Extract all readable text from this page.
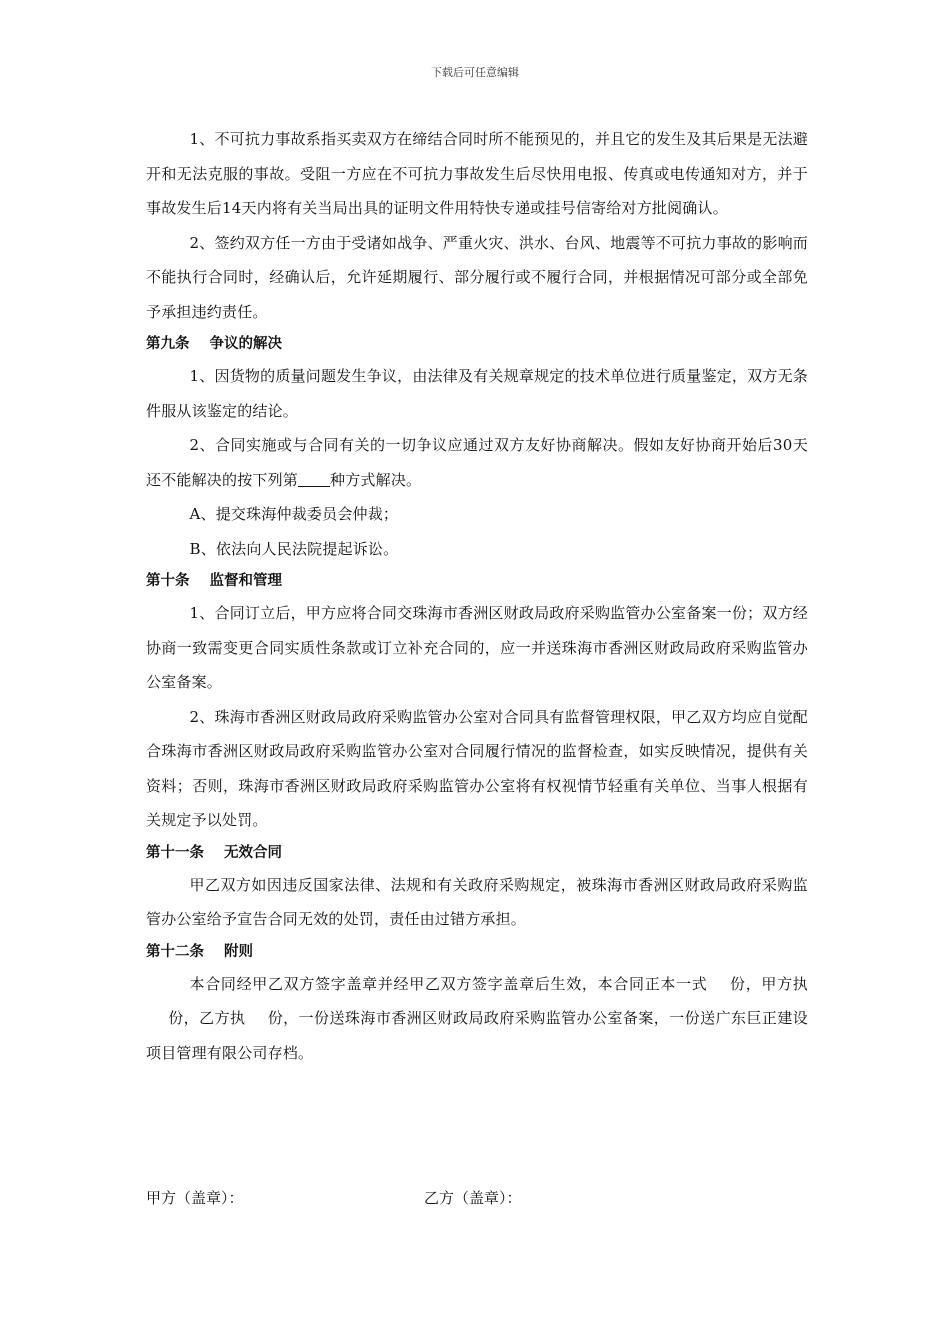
下载后可任意编辑

1、不可抗力事故系指买卖双方在缔结合同时所不能预见的，并且它的发生及其后果是无法避开和无法克服的事故。受阻一方应在不可抗力事故发生后尽快用电报、传真或电传通知对方，并于事故发生后14天内将有关当局出具的证明文件用特快专递或挂号信寄给对方批阅确认。

2、签约双方任一方由于受诸如战争、严重火灾、洪水、台风、地震等不可抗力事故的影响而不能执行合同时，经确认后，允许延期履行、部分履行或不履行合同，并根据情况可部分或全部免予承担违约责任。

第九条 争议的解决

1、因货物的质量问题发生争议，由法律及有关规章规定的技术单位进行质量鉴定，双方无条件服从该鉴定的结论。

2、合同实施或与合同有关的一切争议应通过双方友好协商解决。假如友好协商开始后30天还不能解决的按下列第 种方式解决。

A、提交珠海仲裁委员会仲裁；

B、依法向人民法院提起诉讼。

第十条 监督和管理

1、合同订立后，甲方应将合同交珠海市香洲区财政局政府采购监管办公室备案一份；双方经协商一致需变更合同实质性条款或订立补充合同的，应一并送珠海市香洲区财政局政府采购监管办公室备案。

2、珠海市香洲区财政局政府采购监管办公室对合同具有监督管理权限，甲乙双方均应自觉配合珠海市香洲区财政局政府采购监管办公室对合同履行情况的监督检查，如实反映情况，提供有关资料；否则，珠海市香洲区财政局政府采购监管办公室将有权视情节轻重有关单位、当事人根据有关规定予以处罚。

第十一条 无效合同

甲乙双方如因违反国家法律、法规和有关政府采购规定，被珠海市香洲区财政局政府采购监管办公室给予宣告合同无效的处罚，责任由过错方承担。

第十二条 附则

本合同经甲乙双方签字盖章并经甲乙双方签字盖章后生效，本合同正本一式 份，甲方执份，乙方执 份，一份送珠海市香洲区财政局政府采购监管办公室备案，一份送广东巨正建设项目管理有限公司存档。

甲方（盖章）：	乙方（盖章）：
